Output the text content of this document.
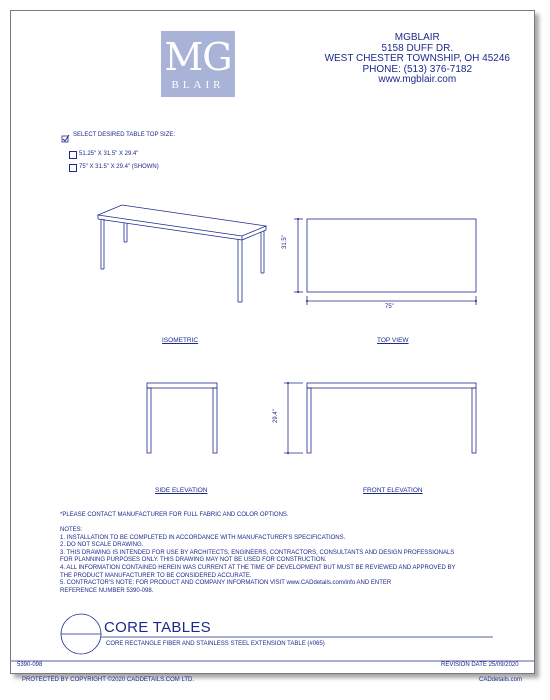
MG
BLAIR
MGBLAIR
5158 DUFF DR.
WEST CHESTER TOWNSHIP, OH 45246
PHONE: (513) 376-7182
www.mgblair.com
SELECT DESIRED TABLE TOP SIZE:
51.25" X 31.5" X 29.4"
75" X 31.5" X 29.4" (SHOWN)
31.5"
75"
29.4"
ISOMETRIC	TOP VIEW
SIDE ELEVATION	FRONT ELEVATION
*PLEASE CONTACT MANUFACTURER FOR FULL FABRIC AND COLOR OPTIONS.
NOTES:
1. INSTALLATION TO BE COMPLETED IN ACCORDANCE WITH MANUFACTURER'S SPECIFICATIONS.
2. DO NOT SCALE DRAWING.
3. THIS DRAWING IS INTENDED FOR USE BY ARCHITECTS, ENGINEERS, CONTRACTORS, CONSULTANTS AND DESIGN PROFESSIONALS
FOR PLANNING PURPOSES ONLY. THIS DRAWING MAY NOT BE USED FOR CONSTRUCTION.
4. ALL INFORMATION CONTAINED HEREIN WAS CURRENT AT THE TIME OF DEVELOPMENT BUT MUST BE REVIEWED AND APPROVED BY
THE PRODUCT MANUFACTURER TO BE CONSIDERED ACCURATE.
5. CONTRACTOR'S NOTE: FOR PRODUCT AND COMPANY INFORMATION VISIT www.CADdetails.com/info AND ENTER
REFERENCE NUMBER 5390-098.
CORE TABLES
CORE RECTANGLE FIBER AND STAINLESS STEEL EXTENSION TABLE (#065)
5390-098	REVISION DATE 25/09/2020
PROTECTED BY COPYRIGHT ©2020 CADDETAILS.COM LTD.	CADdetails.com
